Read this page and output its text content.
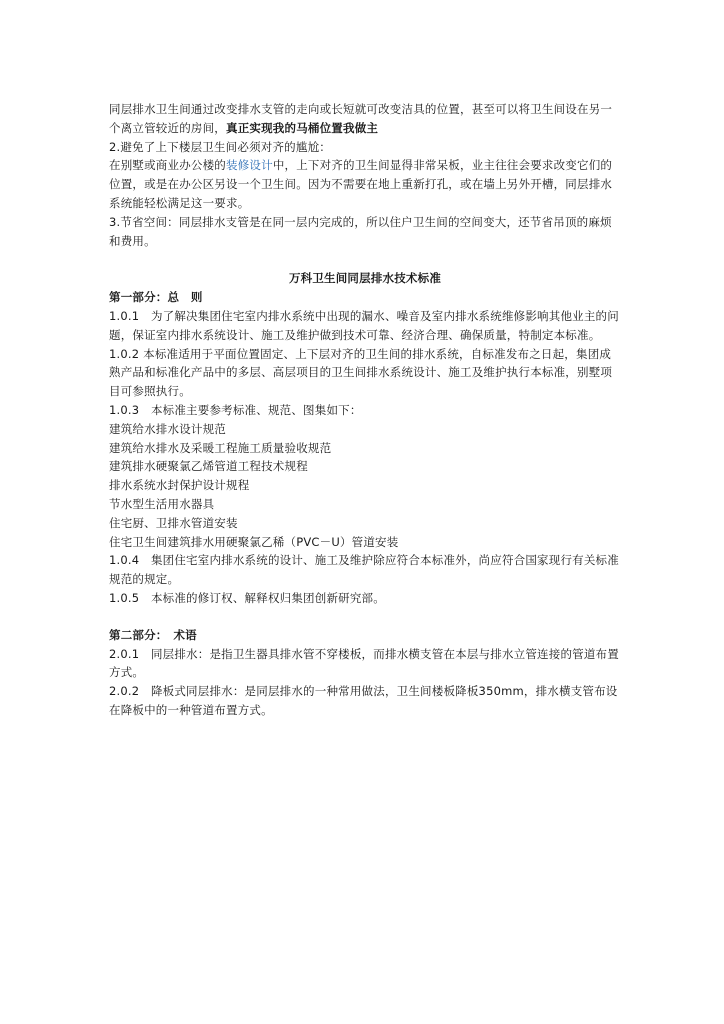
同层排水卫生间通过改变排水支管的走向或长短就可改变洁具的位置，甚至可以将卫生间设在另一个离立管较近的房间，真正实现我的马桶位置我做主

2.避免了上下楼层卫生间必须对齐的尴尬：

在别墅或商业办公楼的装修设计中，上下对齐的卫生间显得非常呆板，业主往往会要求改变它们的位置，或是在办公区另设一个卫生间。因为不需要在地上重新打孔，或在墙上另外开槽，同层排水系统能轻松满足这一要求。

3.节省空间：同层排水支管是在同一层内完成的，所以住户卫生间的空间变大，还节省吊顶的麻烦和费用。

万科卫生间同层排水技术标准

第一部分：总　则

1.0.1　为了解决集团住宅室内排水系统中出现的漏水、噪音及室内排水系统维修影响其他业主的问题，保证室内排水系统设计、施工及维护做到技术可靠、经济合理、确保质量，特制定本标准。

1.0.2 本标准适用于平面位置固定、上下层对齐的卫生间的排水系统，自标准发布之日起，集团成熟产品和标准化产品中的多层、高层项目的卫生间排水系统设计、施工及维护执行本标准，别墅项目可参照执行。

1.0.3　本标准主要参考标准、规范、图集如下：

建筑给水排水设计规范

建筑给水排水及采暖工程施工质量验收规范

建筑排水硬聚氯乙烯管道工程技术规程

排水系统水封保护设计规程

节水型生活用水器具

住宅厨、卫排水管道安装

住宅卫生间建筑排水用硬聚氯乙稀（PVC－U）管道安装

1.0.4　集团住宅室内排水系统的设计、施工及维护除应符合本标准外，尚应符合国家现行有关标准规范的规定。

1.0.5　本标准的修订权、解释权归集团创新研究部。

第二部分：　术语

2.0.1　同层排水：是指卫生器具排水管不穿楼板，而排水横支管在本层与排水立管连接的管道布置方式。

2.0.2　降板式同层排水：是同层排水的一种常用做法，卫生间楼板降板350mm，排水横支管布设在降板中的一种管道布置方式。
